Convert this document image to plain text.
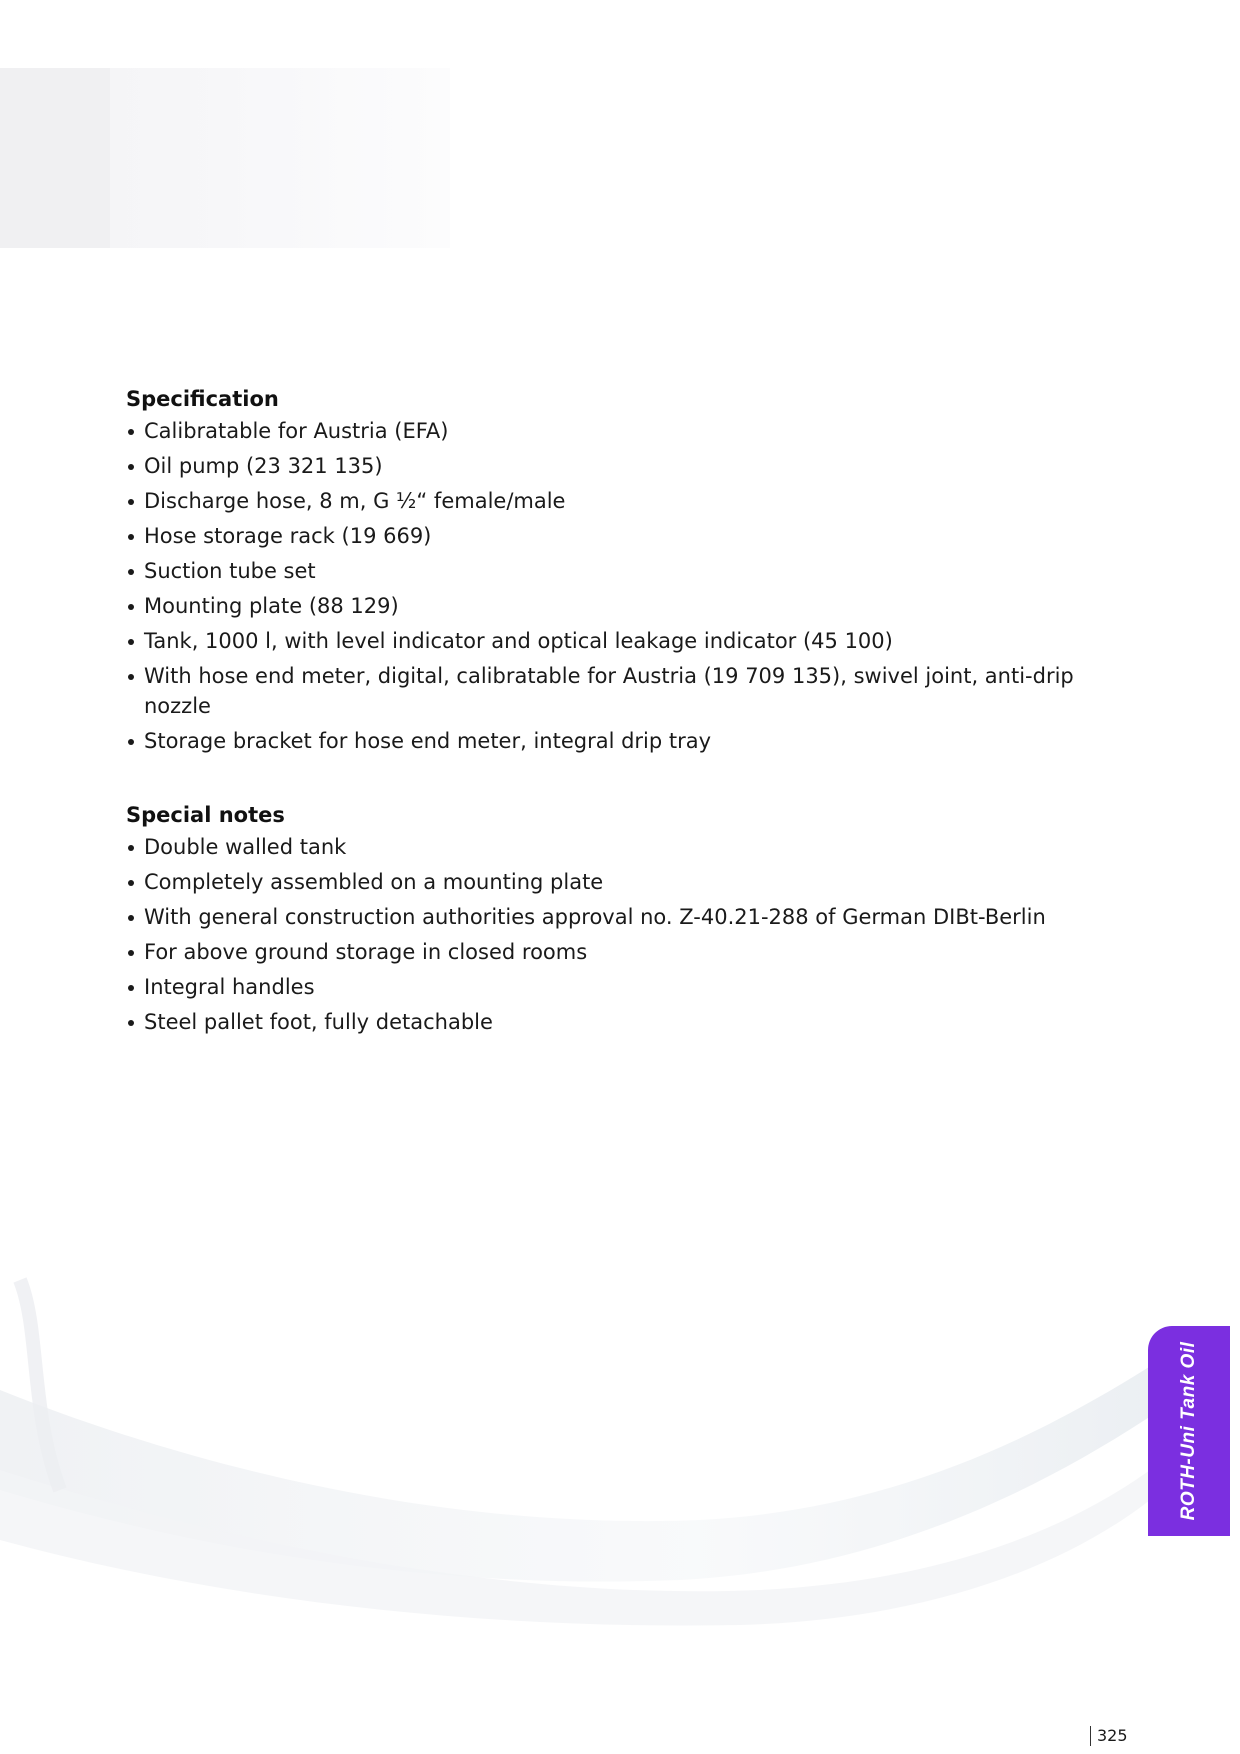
Specification
Calibratable for Austria (EFA)
Oil pump (23 321 135)
Discharge hose, 8 m, G ½“ female/male
Hose storage rack (19 669)
Suction tube set
Mounting plate (88 129)
Tank, 1000 l, with level indicator and optical leakage indicator (45 100)
With hose end meter, digital, calibratable for Austria (19 709 135), swivel joint, anti-drip nozzle
Storage bracket for hose end meter, integral drip tray
Special notes
Double walled tank
Completely assembled on a mounting plate
With general construction authorities approval no. Z-40.21-288 of German DIBt-Berlin
For above ground storage in closed rooms
Integral handles
Steel pallet foot, fully detachable
ROTH-Uni Tank Oil
325
